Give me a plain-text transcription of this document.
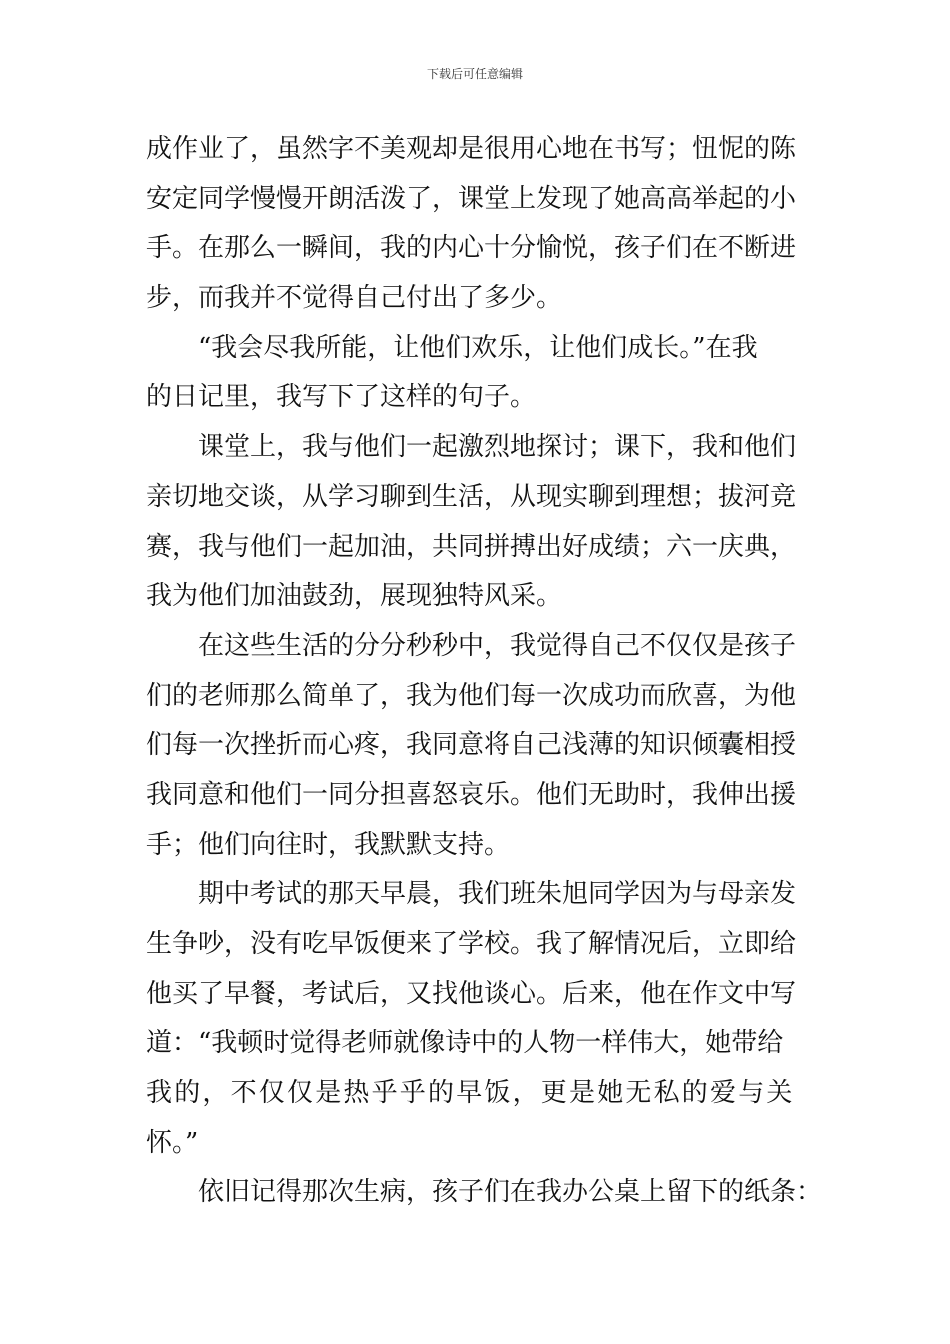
下载后可任意编辑
成作业了，虽然字不美观却是很用心地在书写；忸怩的陈
安定同学慢慢开朗活泼了，课堂上发现了她高高举起的小
手。在那么一瞬间，我的内心十分愉悦，孩子们在不断进
步，而我并不觉得自己付出了多少。
“我会尽我所能，让他们欢乐，让他们成长。”在我
的日记里，我写下了这样的句子。
课堂上，我与他们一起激烈地探讨；课下，我和他们
亲切地交谈，从学习聊到生活，从现实聊到理想；拔河竞
赛，我与他们一起加油，共同拼搏出好成绩；六一庆典，
我为他们加油鼓劲，展现独特风采。
在这些生活的分分秒秒中，我觉得自己不仅仅是孩子
们的老师那么简单了，我为他们每一次成功而欣喜，为他
们每一次挫折而心疼，我同意将自己浅薄的知识倾囊相授
我同意和他们一同分担喜怒哀乐。他们无助时，我伸出援
手；他们向往时，我默默支持。
期中考试的那天早晨，我们班朱旭同学因为与母亲发
生争吵，没有吃早饭便来了学校。我了解情况后，立即给
他买了早餐，考试后，又找他谈心。后来，他在作文中写
道：“我顿时觉得老师就像诗中的人物一样伟大，她带给
我的，不仅仅是热乎乎的早饭，更是她无私的爱与关
怀。”
依旧记得那次生病，孩子们在我办公桌上留下的纸条：
